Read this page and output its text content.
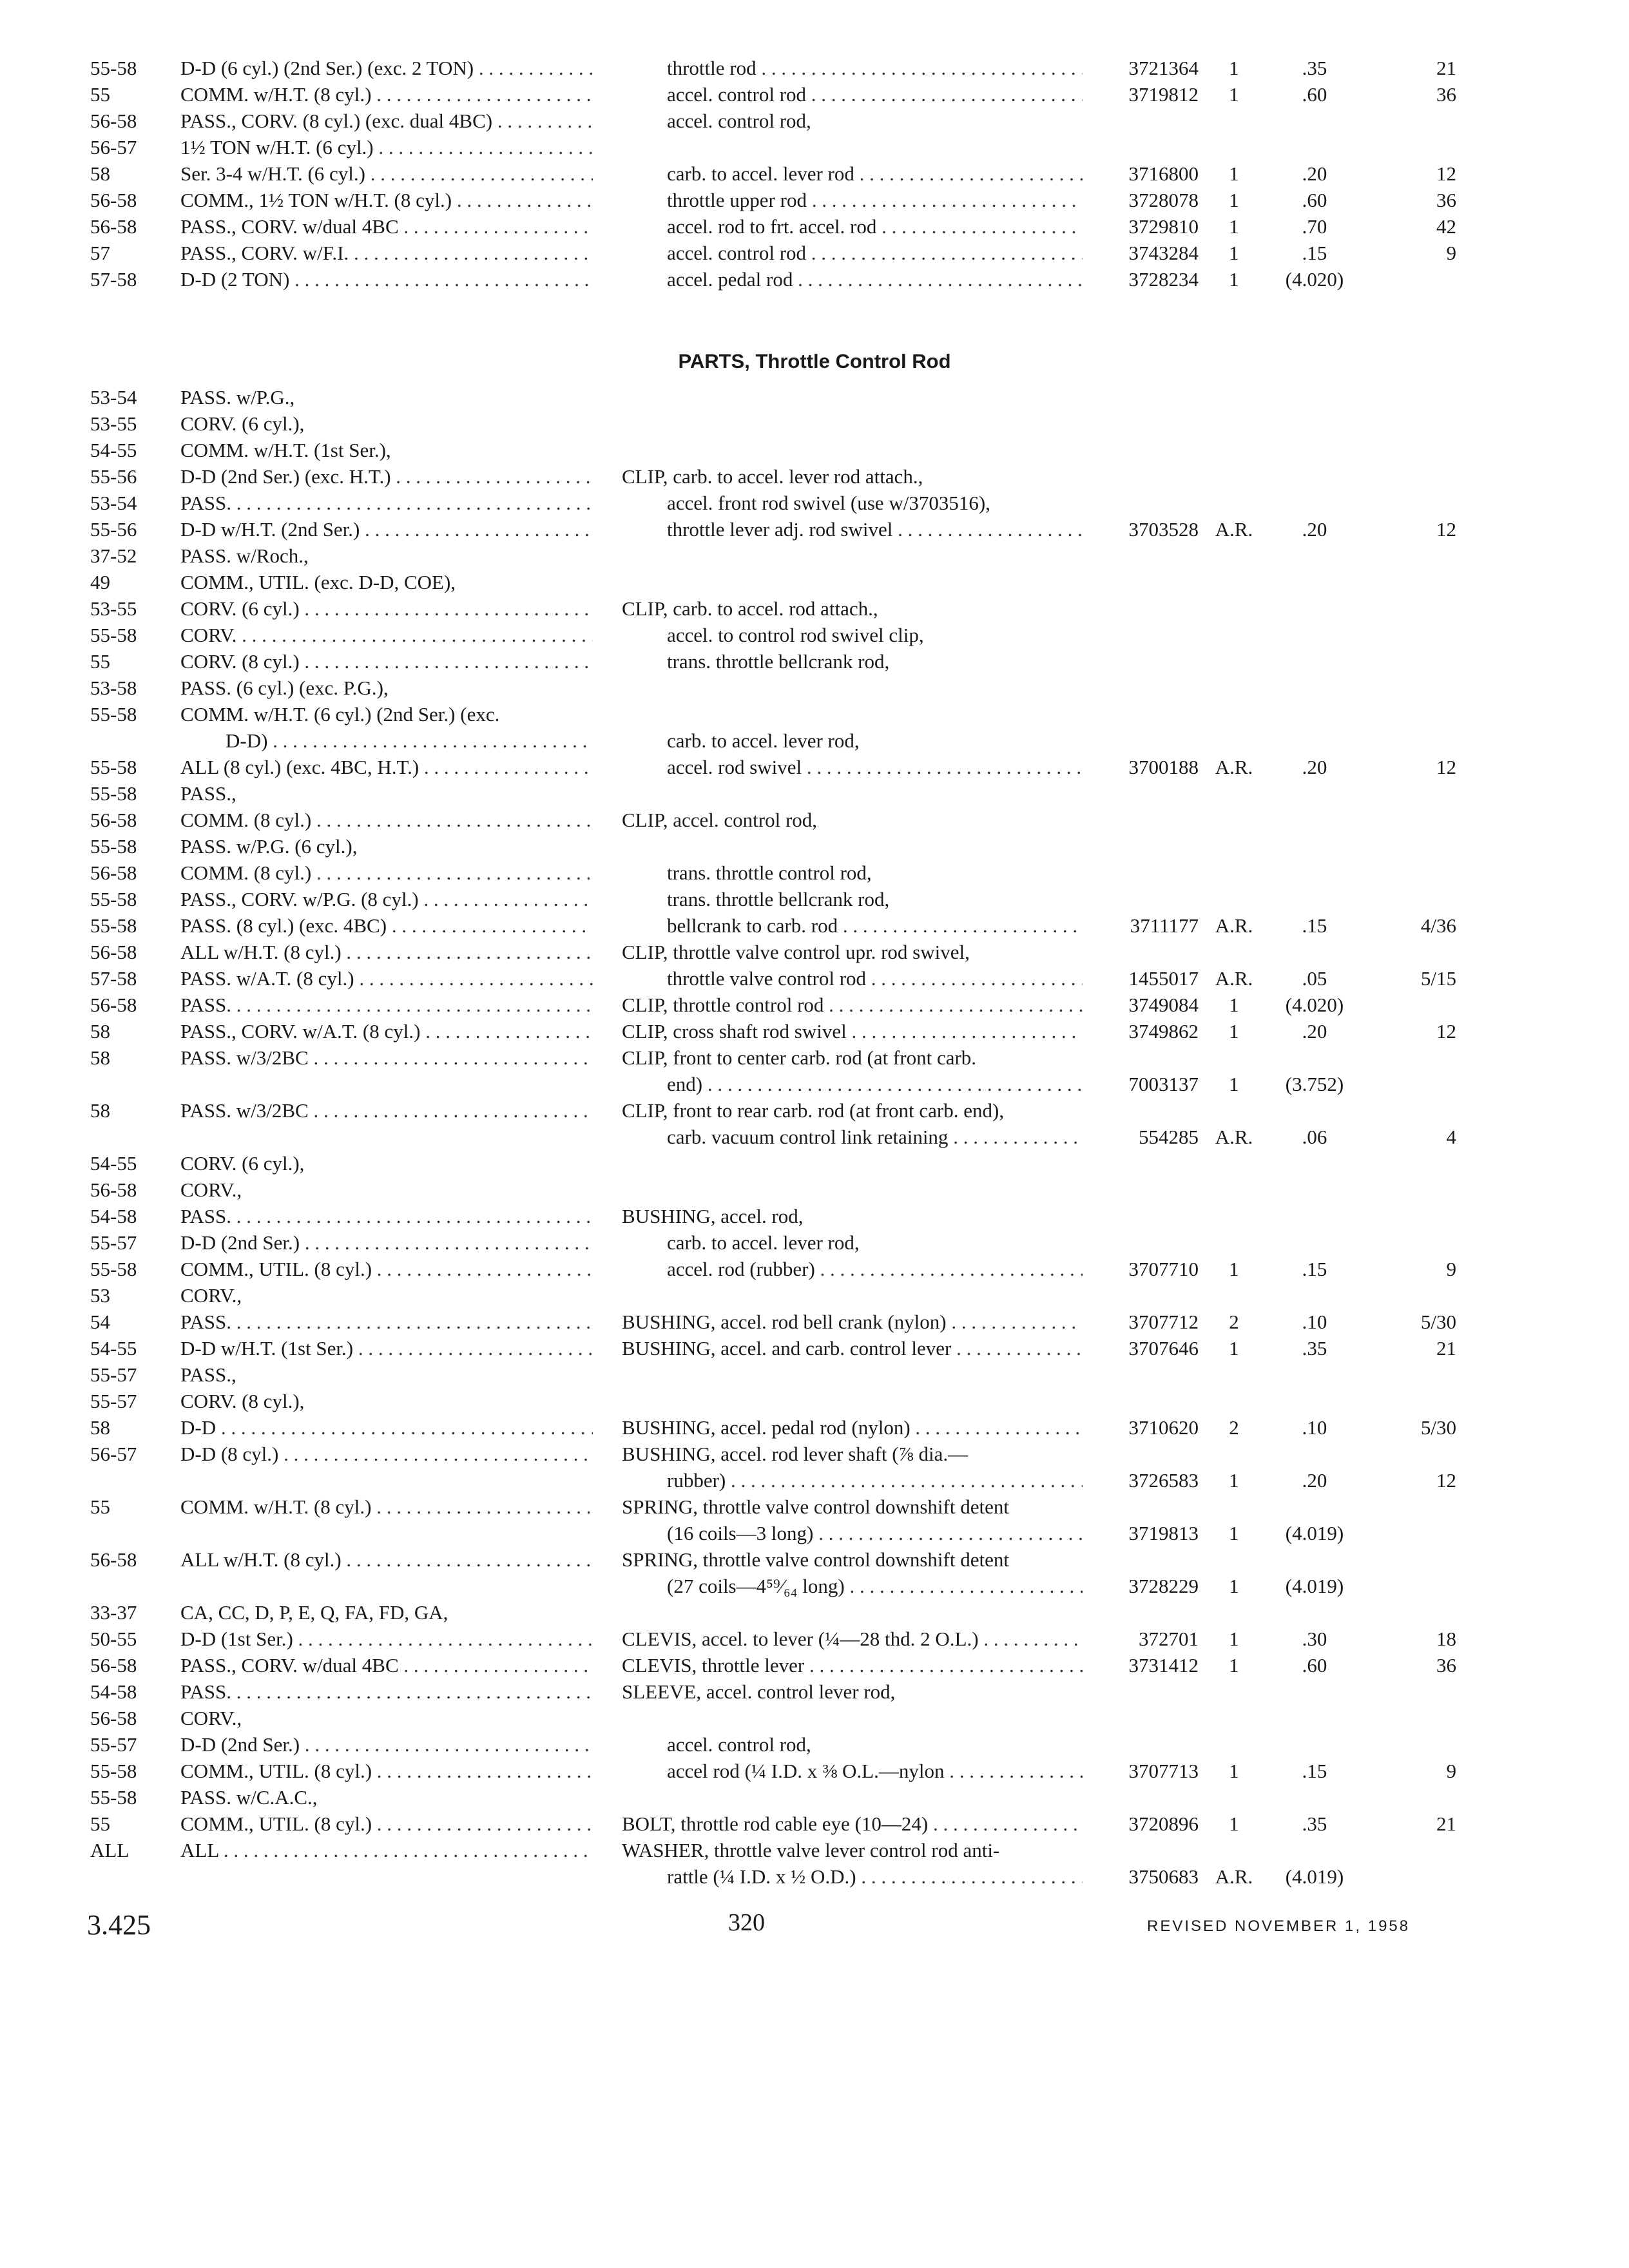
55-58 D-D (6 cyl.) (2nd Ser.) (exc. 2 TON) . . .	throttle rod . . .	3721364	1	.35	21
55	COMM. w/H.T. (8 cyl.) . . .	accel. control rod . . .	3719812	1	.60	36
56-58 PASS., CORV. (8 cyl.) (exc. dual 4BC) . . .	accel. control rod,
56-57 1½ TON w/H.T. (6 cyl.) . . .
58	Ser. 3-4 w/H.T. (6 cyl.) . . .	carb. to accel. lever rod . . .	3716800	1	.20	12
56-58 COMM., 1½ TON w/H.T. (8 cyl.) . . .	throttle upper rod . . .	3728078	1	.60	36
56-58 PASS., CORV. w/dual 4BC . . .	accel. rod to frt. accel. rod . . .	3729810	1	.70	42
57	PASS., CORV. w/F.I. . . .	accel. control rod . . .	3743284	1	.15	9
57-58 D-D (2 TON) . . .	accel. pedal rod . . .	3728234	1	(4.020)
PARTS, Throttle Control Rod
53-54 PASS. w/P.G.,
53-55 CORV. (6 cyl.),
54-55 COMM. w/H.T. (1st Ser.),
55-56 D-D (2nd Ser.) (exc. H.T.) . . .	CLIP, carb. to accel. lever rod attach.,
53-54 PASS. . . .	accel. front rod swivel (use w/3703516),
55-56 D-D w/H.T. (2nd Ser.) . . .	throttle lever adj. rod swivel . . .	3703528 A.R.	.20	12
37-52 PASS. w/Roch.,
49	COMM., UTIL. (exc. D-D, COE),
53-55 CORV. (6 cyl.) . . .	CLIP, carb. to accel. rod attach.,
55-58 CORV. . . .	accel. to control rod swivel clip,
55	CORV. (8 cyl.) . . .	trans. throttle bellcrank rod,
53-58 PASS. (6 cyl.) (exc. P.G.),
55-58 COMM. w/H.T. (6 cyl.) (2nd Ser.) (exc.
D-D) . . .	carb. to accel. lever rod,
55-58 ALL (8 cyl.) (exc. 4BC, H.T.) . . .	accel. rod swivel . . .	3700188 A.R.	.20	12
55-58 PASS.,
56-58 COMM. (8 cyl.) . . .	CLIP, accel. control rod,
55-58 PASS. w/P.G. (6 cyl.),
56-58 COMM. (8 cyl.) . . .	trans. throttle control rod,
55-58 PASS., CORV. w/P.G. (8 cyl.) . . .	trans. throttle bellcrank rod,
55-58 PASS. (8 cyl.) (exc. 4BC) . . .	bellcrank to carb. rod . . .	3711177 A.R.	.15	4/36
56-58 ALL w/H.T. (8 cyl.) . . .	CLIP, throttle valve control upr. rod swivel,
57-58 PASS. w/A.T. (8 cyl.) . . .	throttle valve control rod . . .	1455017 A.R.	.05	5/15
56-58 PASS. . . .	CLIP, throttle control rod . . .	3749084	1	(4.020)
58	PASS., CORV. w/A.T. (8 cyl.) . . .	CLIP, cross shaft rod swivel . . .	3749862	1	.20	12
58	PASS. w/3/2BC . . .	CLIP, front to center carb. rod (at front carb.
end) . . .	7003137	1	(3.752)
58	PASS. w/3/2BC . . .	CLIP, front to rear carb. rod (at front carb. end),
carb. vacuum control link retaining . . .	554285 A.R.	.06	4
54-55 CORV. (6 cyl.),
56-58 CORV.,
54-58 PASS. . . .	BUSHING, accel. rod,
55-57 D-D (2nd Ser.) . . .	carb. to accel. lever rod,
55-58 COMM., UTIL. (8 cyl.) . . .	accel. rod (rubber) . . .	3707710	1	.15	9
53	CORV.,
54	PASS. . . .	BUSHING, accel. rod bell crank (nylon) . . .	3707712	2	.10	5/30
54-55 D-D w/H.T. (1st Ser.) . . .	BUSHING, accel. and carb. control lever . . .	3707646	1	.35	21
55-57 PASS.,
55-57 CORV. (8 cyl.),
58	D-D . . .	BUSHING, accel. pedal rod (nylon) . . .	3710620	2	.10	5/30
56-57 D-D (8 cyl.) . . .	BUSHING, accel. rod lever shaft (⅞ dia.—
rubber) . . .	3726583	1	.20	12
55	COMM. w/H.T. (8 cyl.) . . .	SPRING, throttle valve control downshift detent
(16 coils—3 long) . . .	3719813	1	(4.019)
56-58 ALL w/H.T. (8 cyl.) . . .	SPRING, throttle valve control downshift detent
(27 coils—4⁵⁹⁄₆₄ long) . . .	3728229	1	(4.019)
33-37 CA, CC, D, P, E, Q, FA, FD, GA,
50-55 D-D (1st Ser.) . . .	CLEVIS, accel. to lever (¼—28 thd. 2 O.L.) . . .	372701	1	.30	18
56-58 PASS., CORV. w/dual 4BC . . .	CLEVIS, throttle lever . . .	3731412	1	.60	36
54-58 PASS. . . .	SLEEVE, accel. control lever rod,
56-58 CORV.,
55-57 D-D (2nd Ser.) . . .	accel. control rod,
55-58 COMM., UTIL. (8 cyl.) . . .	accel rod (¼ I.D. x ⅜ O.L.—nylon . . .	3707713	1	.15	9
55-58 PASS. w/C.A.C.,
55	COMM., UTIL. (8 cyl.) . . .	BOLT, throttle rod cable eye (10—24) . . .	3720896	1	.35	21
ALL	ALL . . .	WASHER, throttle valve lever control rod anti-
rattle (¼ I.D. x ½ O.D.) . . .	3750683 A.R.	(4.019)
3.425	320	REVISED NOVEMBER 1, 1958
